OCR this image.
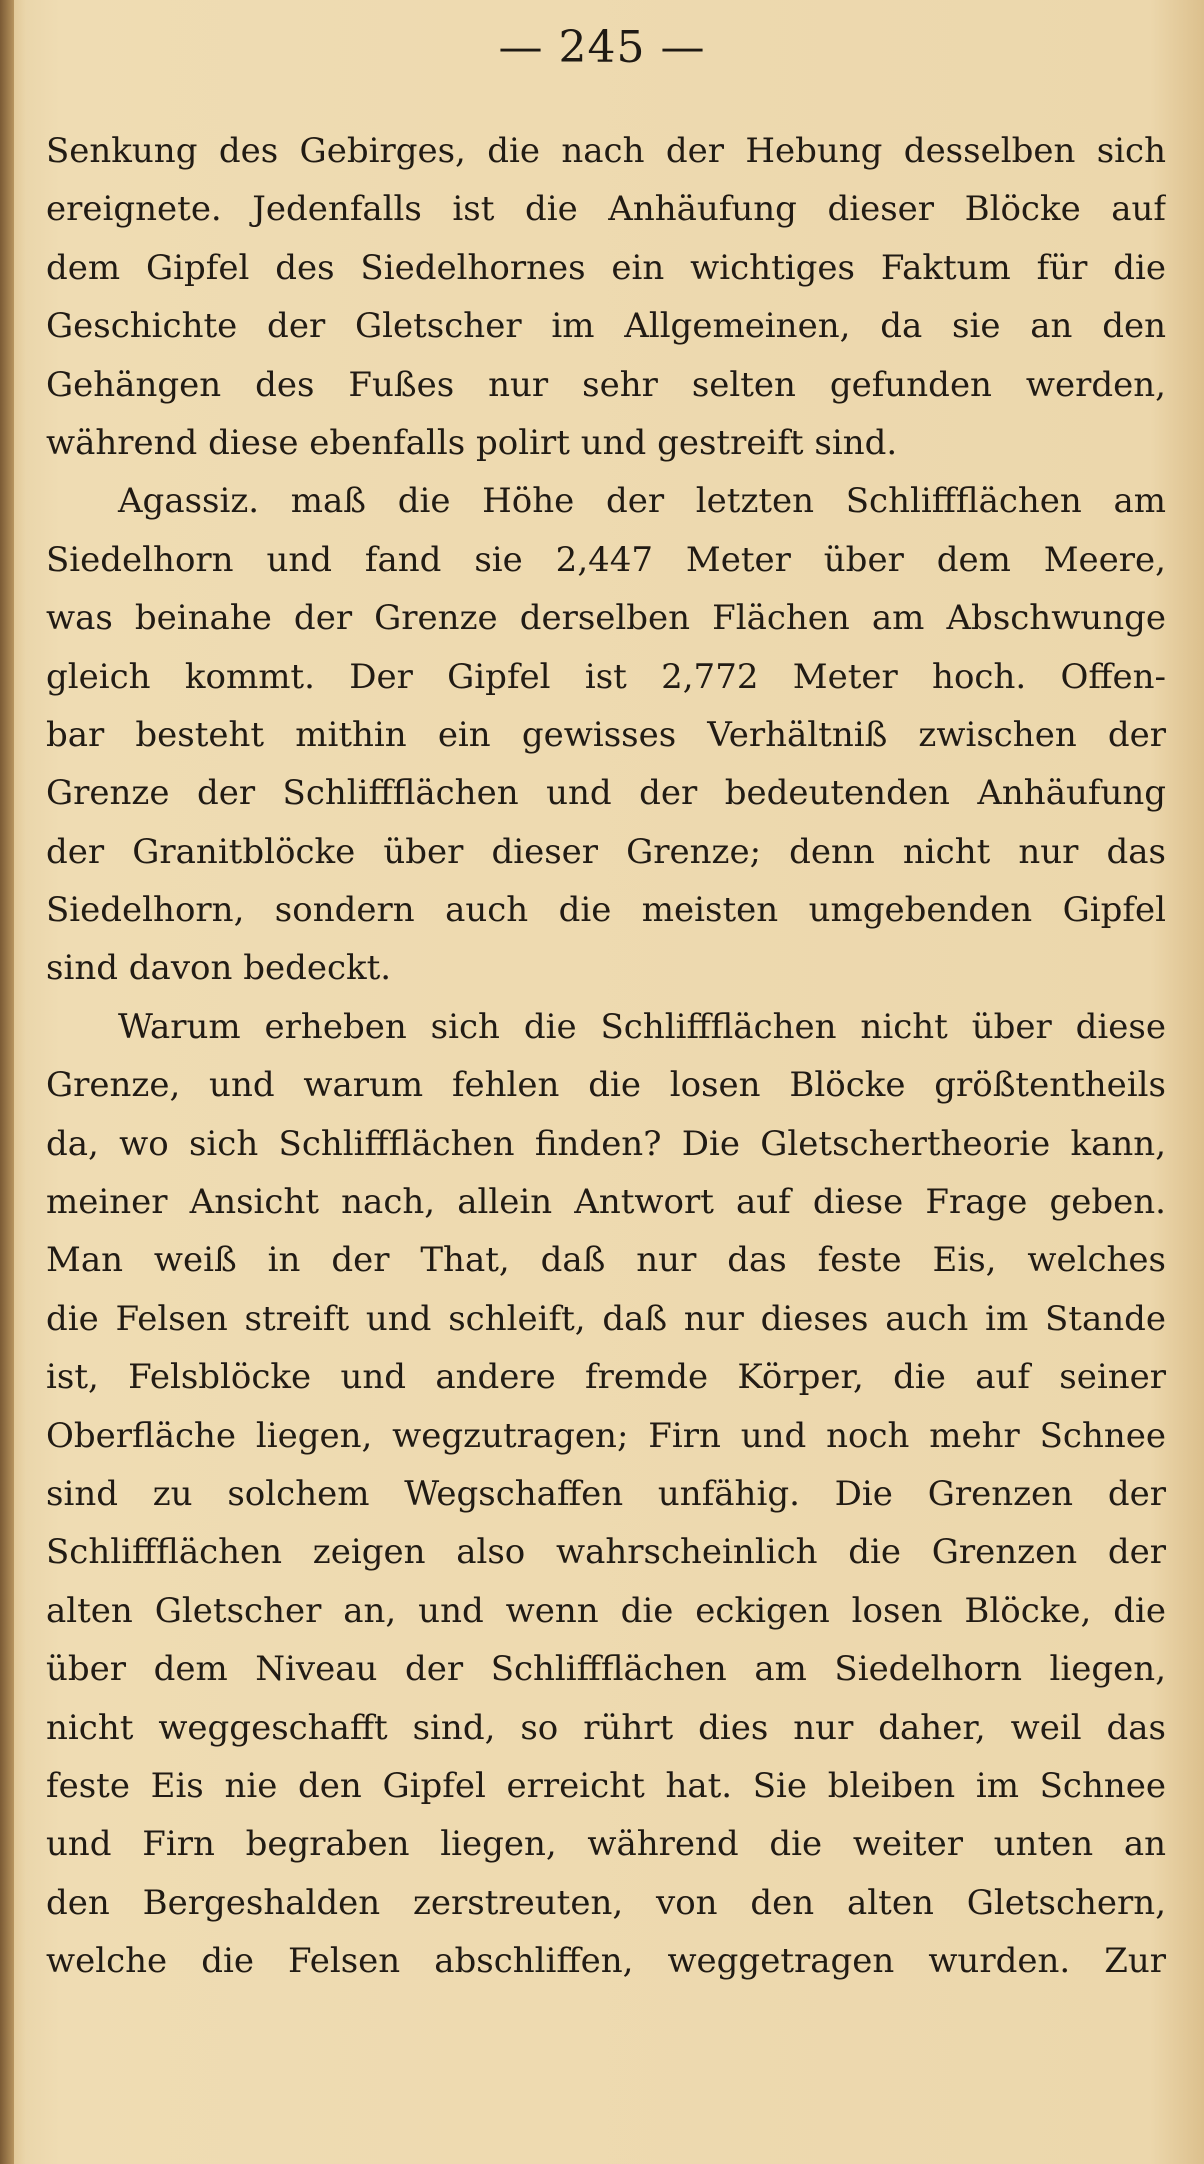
— 245 —
Senkung des Gebirges, die nach der Hebung desselben sich
ereignete. Jedenfalls ist die Anhäufung dieser Blöcke auf
dem Gipfel des Siedelhornes ein wichtiges Faktum für die
Geschichte der Gletscher im Allgemeinen, da sie an den
Gehängen des Fußes nur sehr selten gefunden werden,
während diese ebenfalls polirt und gestreift sind.
Agassiz. maß die Höhe der letzten Schliffflächen am
Siedelhorn und fand sie 2,447 Meter über dem Meere,
was beinahe der Grenze derselben Flächen am Abschwunge
gleich kommt. Der Gipfel ist 2,772 Meter hoch. Offen-
bar besteht mithin ein gewisses Verhältniß zwischen der
Grenze der Schliffflächen und der bedeutenden Anhäufung
der Granitblöcke über dieser Grenze; denn nicht nur das
Siedelhorn, sondern auch die meisten umgebenden Gipfel
sind davon bedeckt.
Warum erheben sich die Schliffflächen nicht über diese
Grenze, und warum fehlen die losen Blöcke größtentheils
da, wo sich Schliffflächen finden? Die Gletschertheorie kann,
meiner Ansicht nach, allein Antwort auf diese Frage geben.
Man weiß in der That, daß nur das feste Eis, welches
die Felsen streift und schleift, daß nur dieses auch im Stande
ist, Felsblöcke und andere fremde Körper, die auf seiner
Oberfläche liegen, wegzutragen; Firn und noch mehr Schnee
sind zu solchem Wegschaffen unfähig. Die Grenzen der
Schliffflächen zeigen also wahrscheinlich die Grenzen der
alten Gletscher an, und wenn die eckigen losen Blöcke, die
über dem Niveau der Schliffflächen am Siedelhorn liegen,
nicht weggeschafft sind, so rührt dies nur daher, weil das
feste Eis nie den Gipfel erreicht hat. Sie bleiben im Schnee
und Firn begraben liegen, während die weiter unten an
den Bergeshalden zerstreuten, von den alten Gletschern,
welche die Felsen abschliffen, weggetragen wurden. Zur
